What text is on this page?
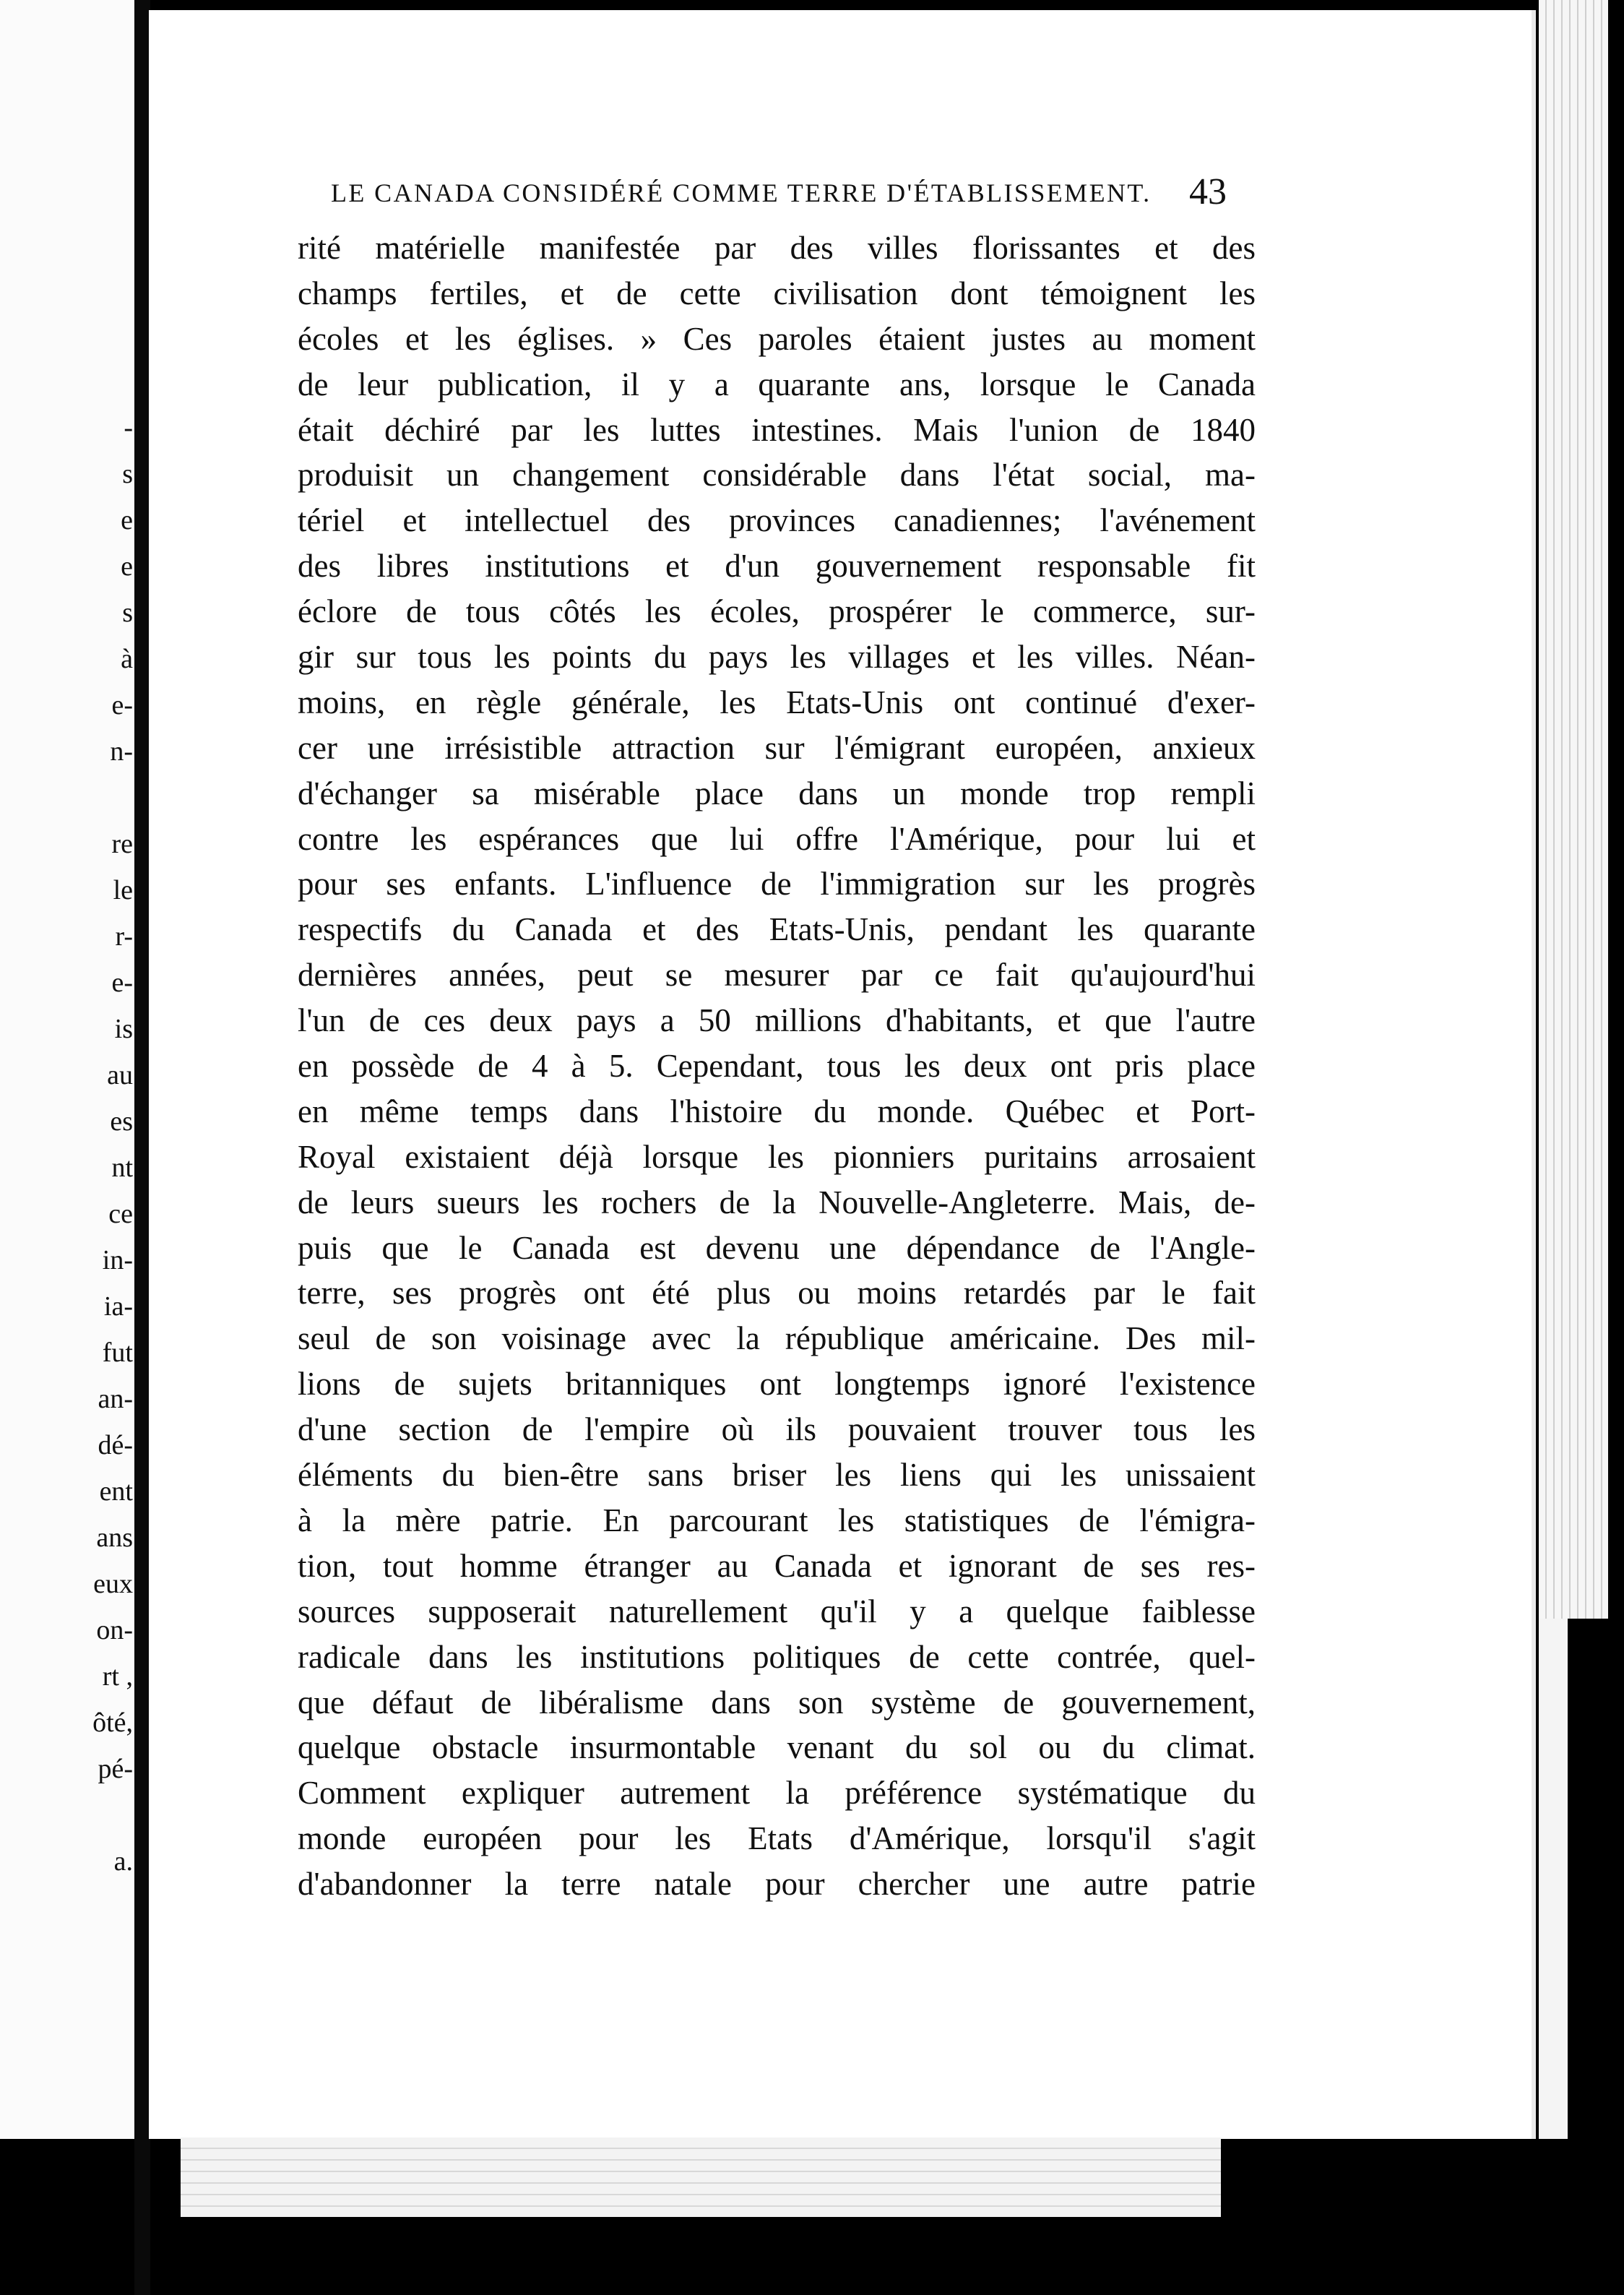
-
s
e
e
s
à
e-
n-
re
le
r-
e-
is
au
es
nt
ce
in-
ia-
fut
an-
dé-
ent
ans
eux
on-
rt ,
ôté,
pé-
a.
LE CANADA CONSIDÉRÉ COMME TERRE D'ÉTABLISSEMENT. 43
rité matérielle manifestée par des villes florissantes et des
champs fertiles, et de cette civilisation dont témoignent les
écoles et les églises. » Ces paroles étaient justes au moment
de leur publication, il y a quarante ans, lorsque le Canada
était déchiré par les luttes intestines. Mais l'union de 1840
produisit un changement considérable dans l'état social, ma-
tériel et intellectuel des provinces canadiennes; l'avénement
des libres institutions et d'un gouvernement responsable fit
éclore de tous côtés les écoles, prospérer le commerce, sur-
gir sur tous les points du pays les villages et les villes. Néan-
moins, en règle générale, les Etats-Unis ont continué d'exer-
cer une irrésistible attraction sur l'émigrant européen, anxieux
d'échanger sa misérable place dans un monde trop rempli
contre les espérances que lui offre l'Amérique, pour lui et
pour ses enfants. L'influence de l'immigration sur les progrès
respectifs du Canada et des Etats-Unis, pendant les quarante
dernières années, peut se mesurer par ce fait qu'aujourd'hui
l'un de ces deux pays a 50 millions d'habitants, et que l'autre
en possède de 4 à 5. Cependant, tous les deux ont pris place
en même temps dans l'histoire du monde. Québec et Port-
Royal existaient déjà lorsque les pionniers puritains arrosaient
de leurs sueurs les rochers de la Nouvelle-Angleterre. Mais, de-
puis que le Canada est devenu une dépendance de l'Angle-
terre, ses progrès ont été plus ou moins retardés par le fait
seul de son voisinage avec la république américaine. Des mil-
lions de sujets britanniques ont longtemps ignoré l'existence
d'une section de l'empire où ils pouvaient trouver tous les
éléments du bien-être sans briser les liens qui les unissaient
à la mère patrie. En parcourant les statistiques de l'émigra-
tion, tout homme étranger au Canada et ignorant de ses res-
sources supposerait naturellement qu'il y a quelque faiblesse
radicale dans les institutions politiques de cette contrée, quel-
que défaut de libéralisme dans son système de gouvernement,
quelque obstacle insurmontable venant du sol ou du climat.
Comment expliquer autrement la préférence systématique du
monde européen pour les Etats d'Amérique, lorsqu'il s'agit
d'abandonner la terre natale pour chercher une autre patrie
